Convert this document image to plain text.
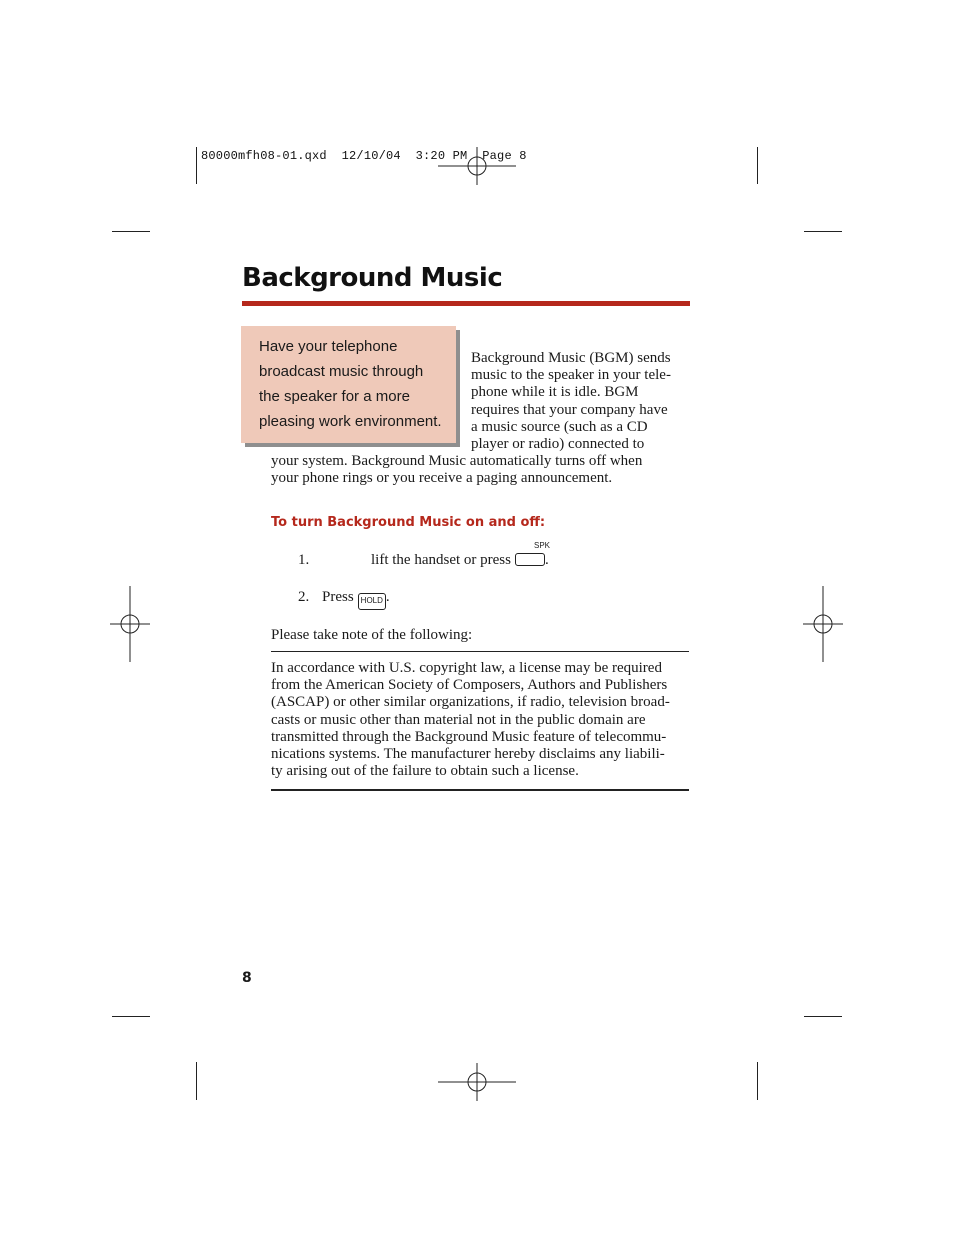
80000mfh08-01.qxd  12/10/04  3:20 PM  Page 8
Background Music
Have your telephone
broadcast music through
the speaker for a more
pleasing work environment.
Background Music (BGM) sends
music to the speaker in your tele-
phone while it is idle. BGM
requires that your company have
a music source (such as a CD
player or radio) connected to
your system. Background Music automatically turns off when
your phone rings or you receive a paging announcement.
To turn Background Music on and off:
SPK
1.	lift the handset or press .
2. Press HOLD .
Please take note of the following:
In accordance with U.S. copyright law, a license may be required
from the American Society of Composers, Authors and Publishers
(ASCAP) or other similar organizations, if radio, television broad-
casts or music other than material not in the public domain are
transmitted through the Background Music feature of telecommu-
nications systems. The manufacturer hereby disclaims any liabili-
ty arising out of the failure to obtain such a license.
8
